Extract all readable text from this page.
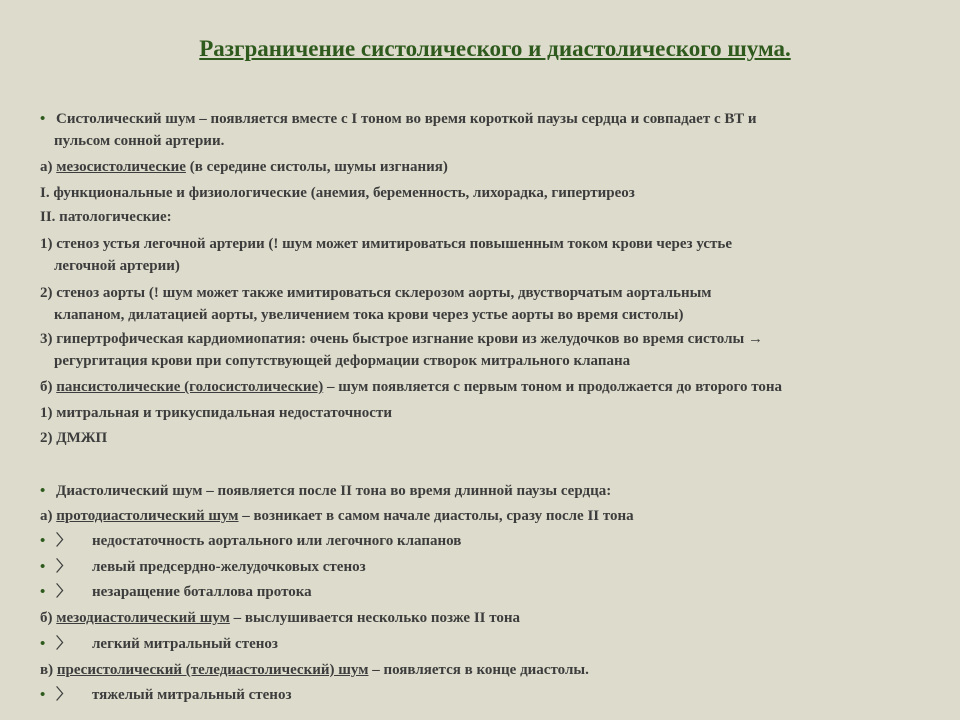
Разграничение систолического и диастолического шума.
• Систолический шум – появляется вместе с I тоном во время короткой паузы сердца и совпадает с ВТ и
пульсом сонной артерии.
а) мезосистолические (в середине систолы, шумы изгнания)
I. функциональные и физиологические (анемия, беременность, лихорадка, гипертиреоз
II. патологические:
1) стеноз устья легочной артерии (! шум может имитироваться повышенным током крови через устье
легочной артерии)
2) стеноз аорты (! шум может также имитироваться склерозом аорты, двустворчатым аортальным
клапаном, дилатацией аорты, увеличением тока крови через устье аорты во время систолы)
3) гипертрофическая кардиомиопатия: очень быстрое изгнание крови из желудочков во время систолы →
регургитация крови при сопутствующей деформации створок митрального клапана
б) пансистолические (голосистолические) – шум появляется с первым тоном и продолжается до второго тона
1) митральная и трикуспидальная недостаточности
2) ДМЖП
• Диастолический шум – появляется после II тона во время длинной паузы сердца:
а) протодиастолический шум – возникает в самом начале диастолы, сразу после II тона
• 〉 недостаточность аортального или легочного клапанов
• 〉 левый предсердно-желудочковых стеноз
• 〉 незаращение боталлова протока
б) мезодиастолический шум – выслушивается несколько позже II тона
• 〉 легкий митральный стеноз
в) пресистолический (теледиастолический) шум – появляется в конце диастолы.
• 〉 тяжелый митральный стеноз
